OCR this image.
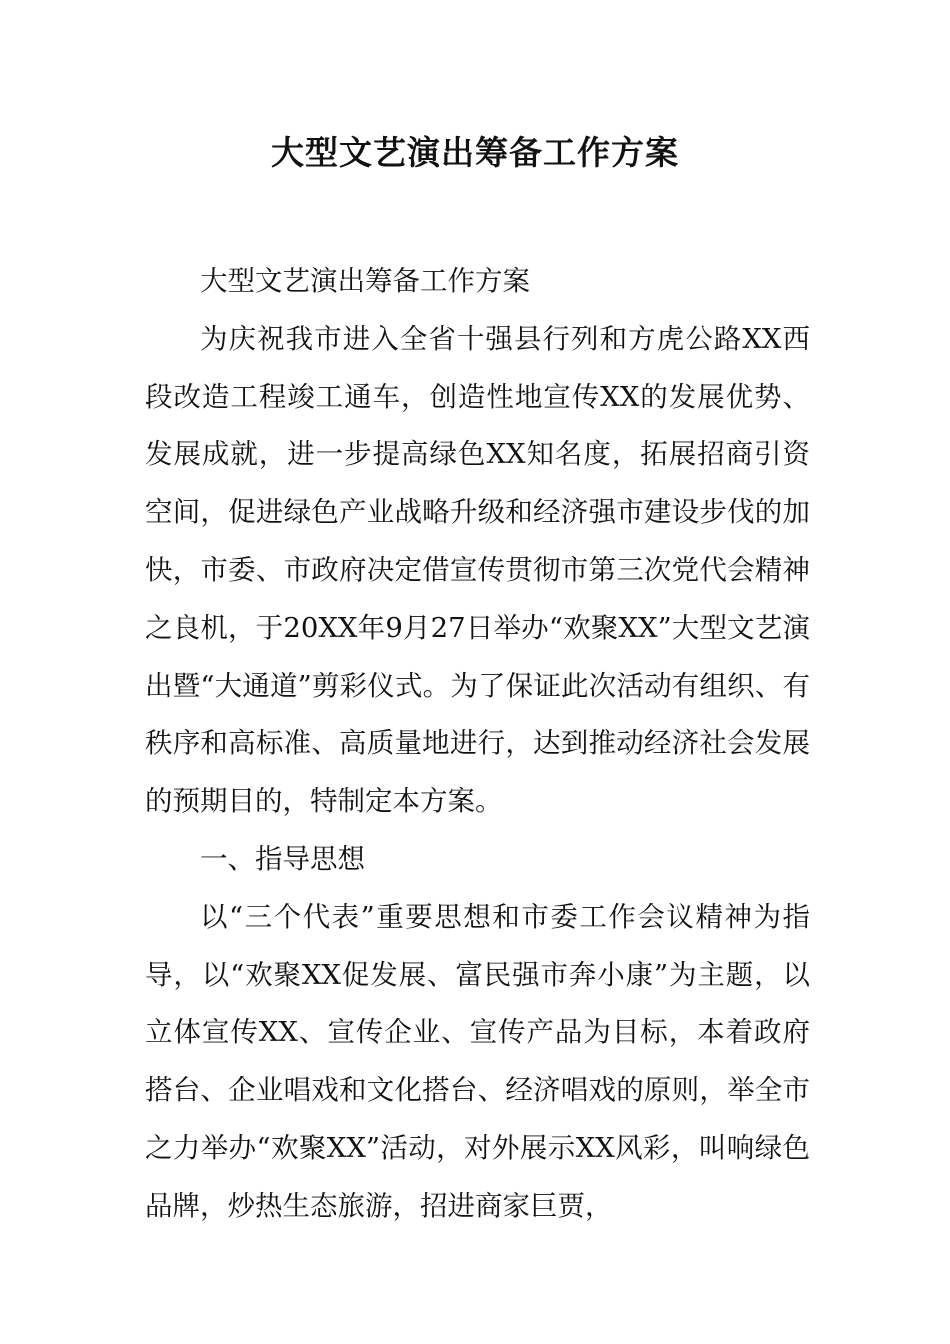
大型文艺演出筹备工作方案

大型文艺演出筹备工作方案

为庆祝我市进入全省十强县行列和方虎公路XX西段改造工程竣工通车，创造性地宣传XX的发展优势、发展成就，进一步提高绿色XX知名度，拓展招商引资空间，促进绿色产业战略升级和经济强市建设步伐的加快，市委、市政府决定借宣传贯彻市第三次党代会精神之良机，于20XX年9月27日举办“欢聚XX”大型文艺演出暨“大通道”剪彩仪式。为了保证此次活动有组织、有秩序和高标准、高质量地进行，达到推动经济社会发展的预期目的，特制定本方案。

一、指导思想

以“三个代表”重要思想和市委工作会议精神为指导，以“欢聚XX促发展、富民强市奔小康”为主题，以立体宣传XX、宣传企业、宣传产品为目标，本着政府搭台、企业唱戏和文化搭台、经济唱戏的原则，举全市之力举办“欢聚XX”活动，对外展示XX风彩，叫响绿色品牌，炒热生态旅游，招进商家巨贾，
